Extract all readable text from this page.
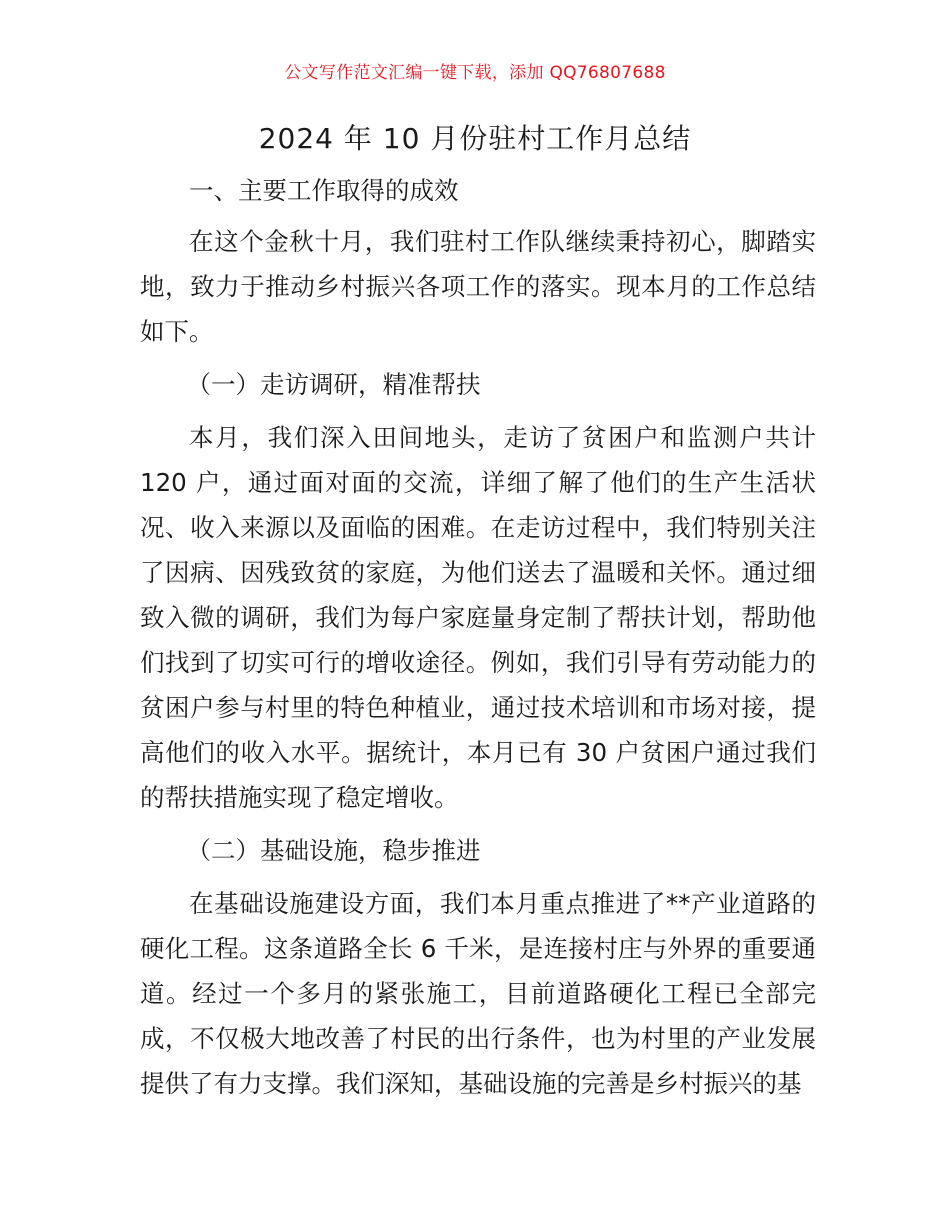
公文写作范文汇编一键下载，添加 QQ76807688
2024 年 10 月份驻村工作月总结

一、主要工作取得的成效

在这个金秋十月，我们驻村工作队继续秉持初心，脚踏实地，致力于推动乡村振兴各项工作的落实。现本月的工作总结如下。

（一）走访调研，精准帮扶

本月，我们深入田间地头，走访了贫困户和监测户共计 120 户，通过面对面的交流，详细了解了他们的生产生活状况、收入来源以及面临的困难。在走访过程中，我们特别关注了因病、因残致贫的家庭，为他们送去了温暖和关怀。通过细致入微的调研，我们为每户家庭量身定制了帮扶计划，帮助他们找到了切实可行的增收途径。例如，我们引导有劳动能力的贫困户参与村里的特色种植业，通过技术培训和市场对接，提高他们的收入水平。据统计，本月已有 30 户贫困户通过我们的帮扶措施实现了稳定增收。

（二）基础设施，稳步推进

在基础设施建设方面，我们本月重点推进了**产业道路的硬化工程。这条道路全长 6 千米，是连接村庄与外界的重要通道。经过一个多月的紧张施工，目前道路硬化工程已全部完成，不仅极大地改善了村民的出行条件，也为村里的产业发展提供了有力支撑。我们深知，基础设施的完善是乡村振兴的基
